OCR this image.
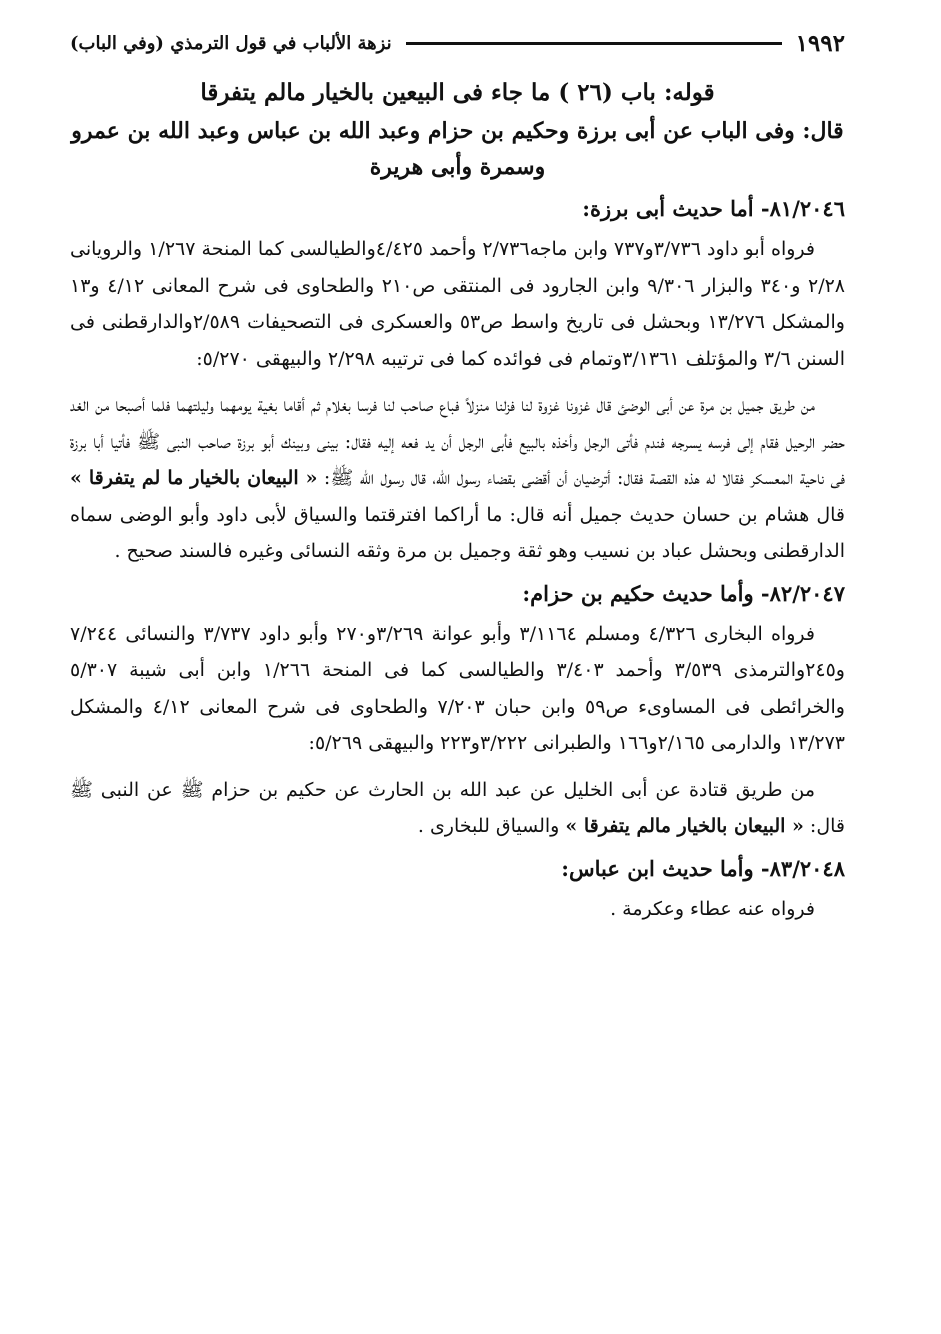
١٩٩٢
نزهة الألباب في قول الترمذي (وفي الباب)
قوله: باب (٢٦ ) ما جاء فى البيعين بالخيار مالم يتفرقا
قال: وفى الباب عن أبى برزة وحكيم بن حزام وعبد الله بن عباس وعبد الله بن عمرو وسمرة وأبى هريرة
٨١/٢٠٤٦- أما حديث أبى برزة:

فرواه أبو داود ٣/٧٣٦و٧٣٧ وابن ماجه٢/٧٣٦ وأحمد ٤/٤٢٥والطيالسى كما المنحة ١/٢٦٧ والرويانى ٢/٢٨ و٣٤٠ والبزار ٩/٣٠٦ وابن الجارود فى المنتقى ص٢١٠ والطحاوى فى شرح المعانى ٤/١٢ و١٣ والمشكل ١٣/٢٧٦ وبحشل فى تاريخ واسط ص٥٣ والعسكرى فى التصحيفات ٢/٥٨٩والدارقطنى فى السنن ٣/٦ والمؤتلف ٣/١٣٦١وتمام فى فوائده كما فى ترتيبه ٢/٢٩٨ والبيهقى ٥/٢٧٠:

من طريق جميل بن مرة عن أبى الوضئ قال غزونا غزوة لنا فزلنا منزلاً فباع صاحب لنا فرسا بغلام ثم أقاما بغية يومهما وليلتهما فلما أصبحا من الغد حضر الرحيل فقام إلى فرسه يسرجه فندم فأتى الرجل وأخذه بالبيع فأبى الرجل أن يد فعه إليه فقال: بينى وبينك أبو برزة صاحب النبى ﷺ فأتيا أبا برزة فى ناحية المعسكر فقالا له هذه القصة فقال: أترضيان أن أقضى بقضاء رسول الله، قال رسول الله ﷺ: « البيعان بالخيار ما لم يتفرقا » قال هشام بن حسان حديث جميل أنه قال: ما أراكما افترقتما والسياق لأبى داود وأبو الوضى سماه الدارقطنى وبحشل عباد بن نسيب وهو ثقة وجميل بن مرة وثقه النسائى وغيره فالسند صحيح .

٨٢/٢٠٤٧- وأما حديث حكيم بن حزام:

فرواه البخارى ٤/٣٢٦ ومسلم ٣/١١٦٤ وأبو عوانة ٣/٢٦٩و٢٧٠ وأبو داود ٣/٧٣٧ والنسائى ٧/٢٤٤ و٢٤٥والترمذى ٣/٥٣٩ وأحمد ٣/٤٠٣ والطيالسى كما فى المنحة ١/٢٦٦ وابن أبى شيبة ٥/٣٠٧ والخرائطى فى المساوىء ص٥٩ وابن حبان ٧/٢٠٣ والطحاوى فى شرح المعانى ٤/١٢ والمشكل ١٣/٢٧٣ والدارمى ٢/١٦٥و١٦٦ والطبرانى ٣/٢٢٢و٢٢٣ والبيهقى ٥/٢٦٩:

من طريق قتادة عن أبى الخليل عن عبد الله بن الحارث عن حكيم بن حزام ﷺ عن النبى ﷺ قال: « البيعان بالخيار مالم يتفرقا » والسياق للبخارى .

٨٣/٢٠٤٨- وأما حديث ابن عباس:

فرواه عنه عطاء وعكرمة .
